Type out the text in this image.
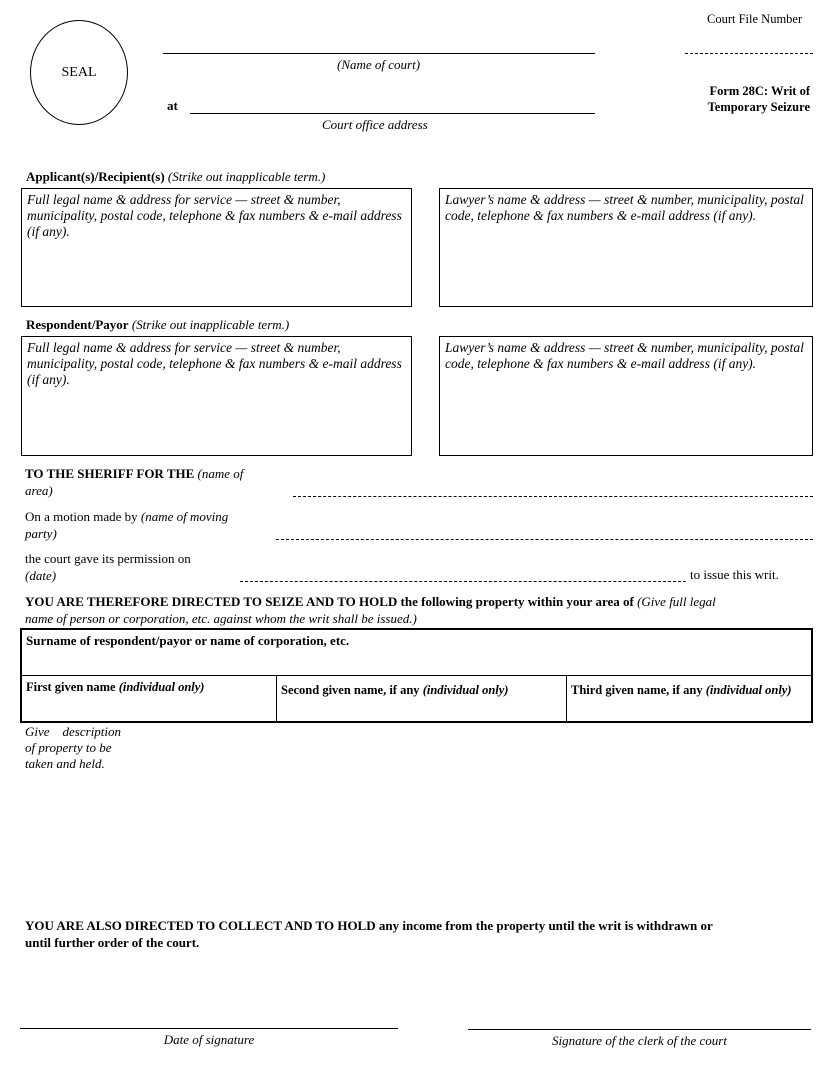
SEAL	(Name of court)
at
Court office address
Court File Number
Form 28C: Writ of
Temporary Seizure
Applicant(s)/Recipient(s) (Strike out inapplicable term.)
Full legal name & address for service — street & number, municipality, postal code, telephone & fax numbers & e-mail address (if any).
Lawyer’s name & address — street & number, municipality, postal code, telephone & fax numbers & e-mail address (if any).
Respondent/Payor (Strike out inapplicable term.)
Full legal name & address for service — street & number, municipality, postal code, telephone & fax numbers & e-mail address (if any).
Lawyer’s name & address — street & number, municipality, postal code, telephone & fax numbers & e-mail address (if any).
TO THE SHERIFF FOR THE (name of
area)
On a motion made by (name of moving
party)
the court gave its permission on
(date)	to issue this writ.
YOU ARE THEREFORE DIRECTED TO SEIZE AND TO HOLD the following property within your area of (Give full legal
name of person or corporation, etc. against whom the writ shall be issued.)
Surname of respondent/payor or name of corporation, etc.
First given name (individual only)	Second given name, if any (individual only)	Third given name, if any (individual only)
Give    description
of property to be
taken and held.
YOU ARE ALSO DIRECTED TO COLLECT AND TO HOLD any income from the property until the writ is withdrawn or
until further order of the court.
Date of signature	Signature of the clerk of the court
